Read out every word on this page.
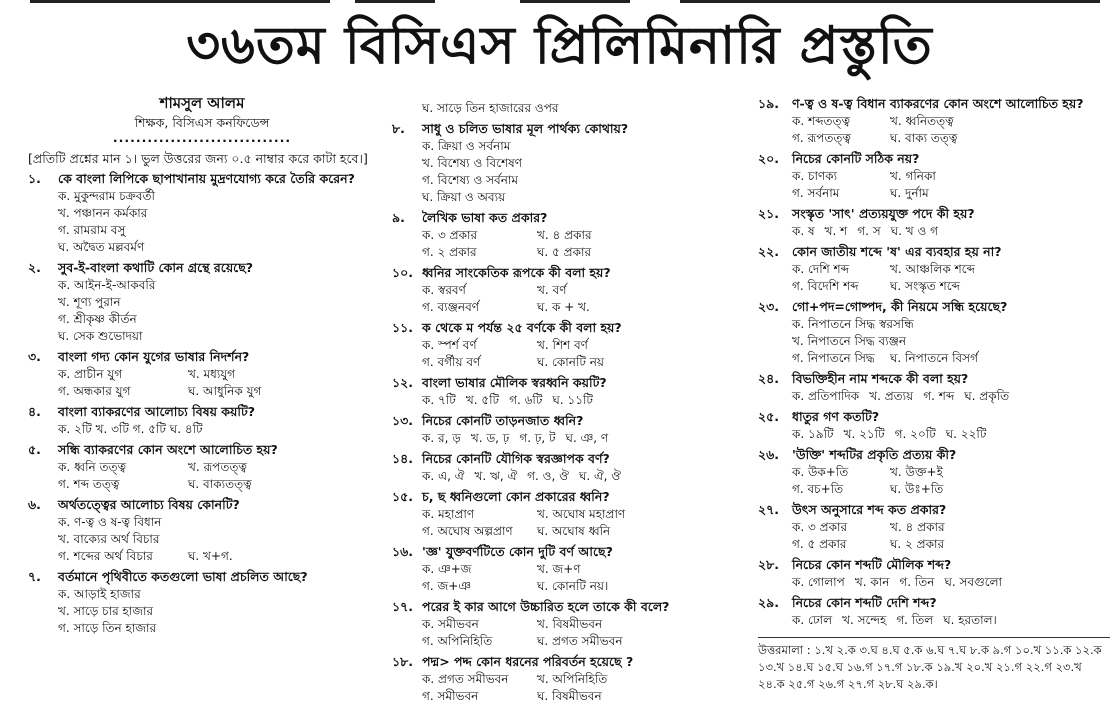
৩৬তম বিসিএস প্রিলিমিনারি প্রস্তুতি
শামসুল আলম
শিক্ষক, বিসিএস কনফিডেন্স
...............................
[প্রতিটি প্রশ্নের মান ১। ভুল উত্তরের জন্য ০.৫ নাম্বার করে কাটা হবে।]
১.	কে বাংলা লিপিকে ছাপাখানায় মুদ্রণযোগ্য করে তৈরি করেন?
ক. মুকুন্দরাম চক্রবর্তী
খ. পঞ্চানন কর্মকার
গ. রামরাম বসু
ঘ. অদ্বৈত মল্লবর্মণ
২.	সুব-ই-বাংলা কথাটি কোন গ্রন্থে রয়েছে?
ক. আইন-ই-আকবরি
খ. শূণ্য পুরান
গ. শ্রীকৃষ্ণ কীর্তন
ঘ. সেক শুভোদয়া
৩.	বাংলা গদ্য কোন যুগের ভাষার নিদর্শন?
ক. প্রাচীন যুগ	খ. মধ্যযুগ
গ. অন্ধকার যুগ	ঘ. আধুনিক যুগ
৪.	বাংলা ব্যাকরণের আলোচ্য বিষয় কয়টি?
ক. ২টি খ. ৩টি গ. ৫টি ঘ. ৪টি
৫.	সন্ধি ব্যাকরণের কোন অংশে আলোচিত হয়?
ক. ধ্বনি তত্ত্ব	খ. রূপতত্ত্ব
গ. শব্দ তত্ত্ব	ঘ. বাক্যতত্ত্ব
৬.	অর্থতত্ত্বের আলোচ্য বিষয় কোনটি?
ক. ণ-ত্ব ও ষ-ত্ব বিধান
খ. বাক্যের অর্থ বিচার
গ. শব্দের অর্থ বিচার	ঘ. খ+গ.
৭.	বর্তমানে পৃথিবীতে কতগুলো ভাষা প্রচলিত আছে?
ক. আড়াই হাজার
খ. সাড়ে চার হাজার
গ. সাড়ে তিন হাজার
ঘ. সাড়ে তিন হাজারের ওপর
৮.	সাধু ও চলিত ভাষার মূল পার্থক্য কোথায়?
ক. ক্রিয়া ও সর্বনাম
খ. বিশেষ্য ও বিশেষণ
গ. বিশেষ্য ও সর্বনাম
ঘ. ক্রিয়া ও অব্যয়
৯.	লৈখিক ভাষা কত প্রকার?
ক. ৩ প্রকার	খ. ৪ প্রকার
গ. ২ প্রকার	ঘ. ৫ প্রকার
১০. ধ্বনির সাংকেতিক রূপকে কী বলা হয়?
ক. স্বরবর্ণ	খ. বর্ণ
গ. ব্যঞ্জনবর্ণ	ঘ. ক + খ.
১১. ক থেকে ম পর্যন্ত ২৫ বর্ণকে কী বলা হয়?
ক. স্পর্শ বর্ণ	খ. শিশ বর্ণ
গ. বর্গীয় বর্ণ	ঘ. কোনটি নয়
১২. বাংলা ভাষার মৌলিক স্বরধ্বনি কয়টি?
ক. ৭টি খ. ৫টি গ. ৬টি ঘ. ১১টি
১৩. নিচের কোনটি তাড়নজাত ধ্বনি?
ক. র, ড় খ. ড, ঢ় গ. ঢ়, ট ঘ. ঞ, ণ
১৪. নিচের কোনটি যৌগিক স্বরজ্ঞাপক বর্ণ?
ক. এ, ঐ খ. ঋ, ঐ গ. ও, ঔ ঘ. ঐ, ঔ
১৫. চ, ছ ধ্বনিগুলো কোন প্রকারের ধ্বনি?
ক. মহাপ্রাণ	খ. অঘোষ মহাপ্রাণ
গ. অঘোষ অল্পপ্রাণ	ঘ. অঘোষ ধ্বনি
১৬. 'জ্ঞ' যুক্তবর্ণটিতে কোন দুটি বর্ণ আছে?
ক. ঞ+জ	খ. জ+ণ
গ. জ+ঞ	ঘ. কোনটি নয়।
১৭. পরের ই কার আগে উচ্চারিত হলে তাকে কী বলে?
ক. সমীভবন	খ. বিষমীভবন
গ. অপিনিহিতি	ঘ. প্রগত সমীভবন
১৮. পদ্ম> পদ্দ কোন ধরনের পরিবর্তন হয়েছে ?
ক. প্রগত সমীভবন	খ. অপিনিহিতি
গ. সমীভবন	ঘ. বিষমীভবন
১৯.	ণ-ত্ব ও ষ-ত্ব বিধান ব্যাকরণের কোন অংশে আলোচিত হয়?
ক. শব্দতত্ত্ব	খ. ধ্বনিতত্ত্ব
গ. রূপতত্ত্ব	ঘ. বাক্য তত্ত্ব
২০.	নিচের কোনটি সঠিক নয়?
ক. চাণক্য	খ. গনিকা
গ. সর্বনাম	ঘ. দুর্নাম
২১.	সংস্কৃত 'সাৎ' প্রত্যয়যুক্ত পদে কী হয়?
ক. ষ খ. শ গ. স ঘ. খ ও গ
২২.	কোন জাতীয় শব্দে 'ষ' এর ব্যবহার হয় না?
ক. দেশি শব্দ	খ. আঞ্চলিক শব্দে
গ. বিদেশি শব্দ	ঘ. সংস্কৃত শব্দে
২৩.	গো+পদ=গোষ্পদ, কী নিয়মে সন্ধি হয়েছে?
ক. নিপাতনে সিদ্ধ স্বরসন্ধি
খ. নিপাতনে সিদ্ধ ব্যঞ্জন
গ. নিপাতনে সিদ্ধ	ঘ. নিপাতনে বিসর্গ
২৪.	বিভক্তিহীন নাম শব্দকে কী বলা হয়?
ক. প্রতিপাদিক খ. প্রত্যয় গ. শব্দ ঘ. প্রকৃতি
২৫.	ধাতুর গণ কতটি?
ক. ১৯টি খ. ২১টি গ. ২০টি ঘ. ২২টি
২৬.	'উক্তি' শব্দটির প্রকৃতি প্রত্যয় কী?
ক. উক+তি	খ. উক্ত+ই
গ. বচ+তি	ঘ. উঃ+তি
২৭.	উৎস অনুসারে শব্দ কত প্রকার?
ক. ৩ প্রকার	খ. ৪ প্রকার
গ. ৫ প্রকার	ঘ. ২ প্রকার
২৮.	নিচের কোন শব্দটি মৌলিক শব্দ?
ক. গোলাপ খ. কান গ. তিন ঘ. সবগুলো
২৯.	নিচের কোন শব্দটি দেশি শব্দ?
ক. ঢোল খ. সন্দেহ গ. তিল ঘ. হরতাল।
উত্তরমালা : ১.খ ২.ক ৩.ঘ ৪.ঘ ৫.ক ৬.ঘ ৭.ঘ ৮.ক ৯.গ ১০.খ ১১.ক ১২.ক ১৩.খ ১৪.ঘ ১৫.ঘ ১৬.গ ১৭.গ ১৮.ক ১৯.খ ২০.খ ২১.গ ২২.গ ২৩.খ ২৪.ক ২৫.গ ২৬.গ ২৭.গ ২৮.ঘ ২৯.ক।
